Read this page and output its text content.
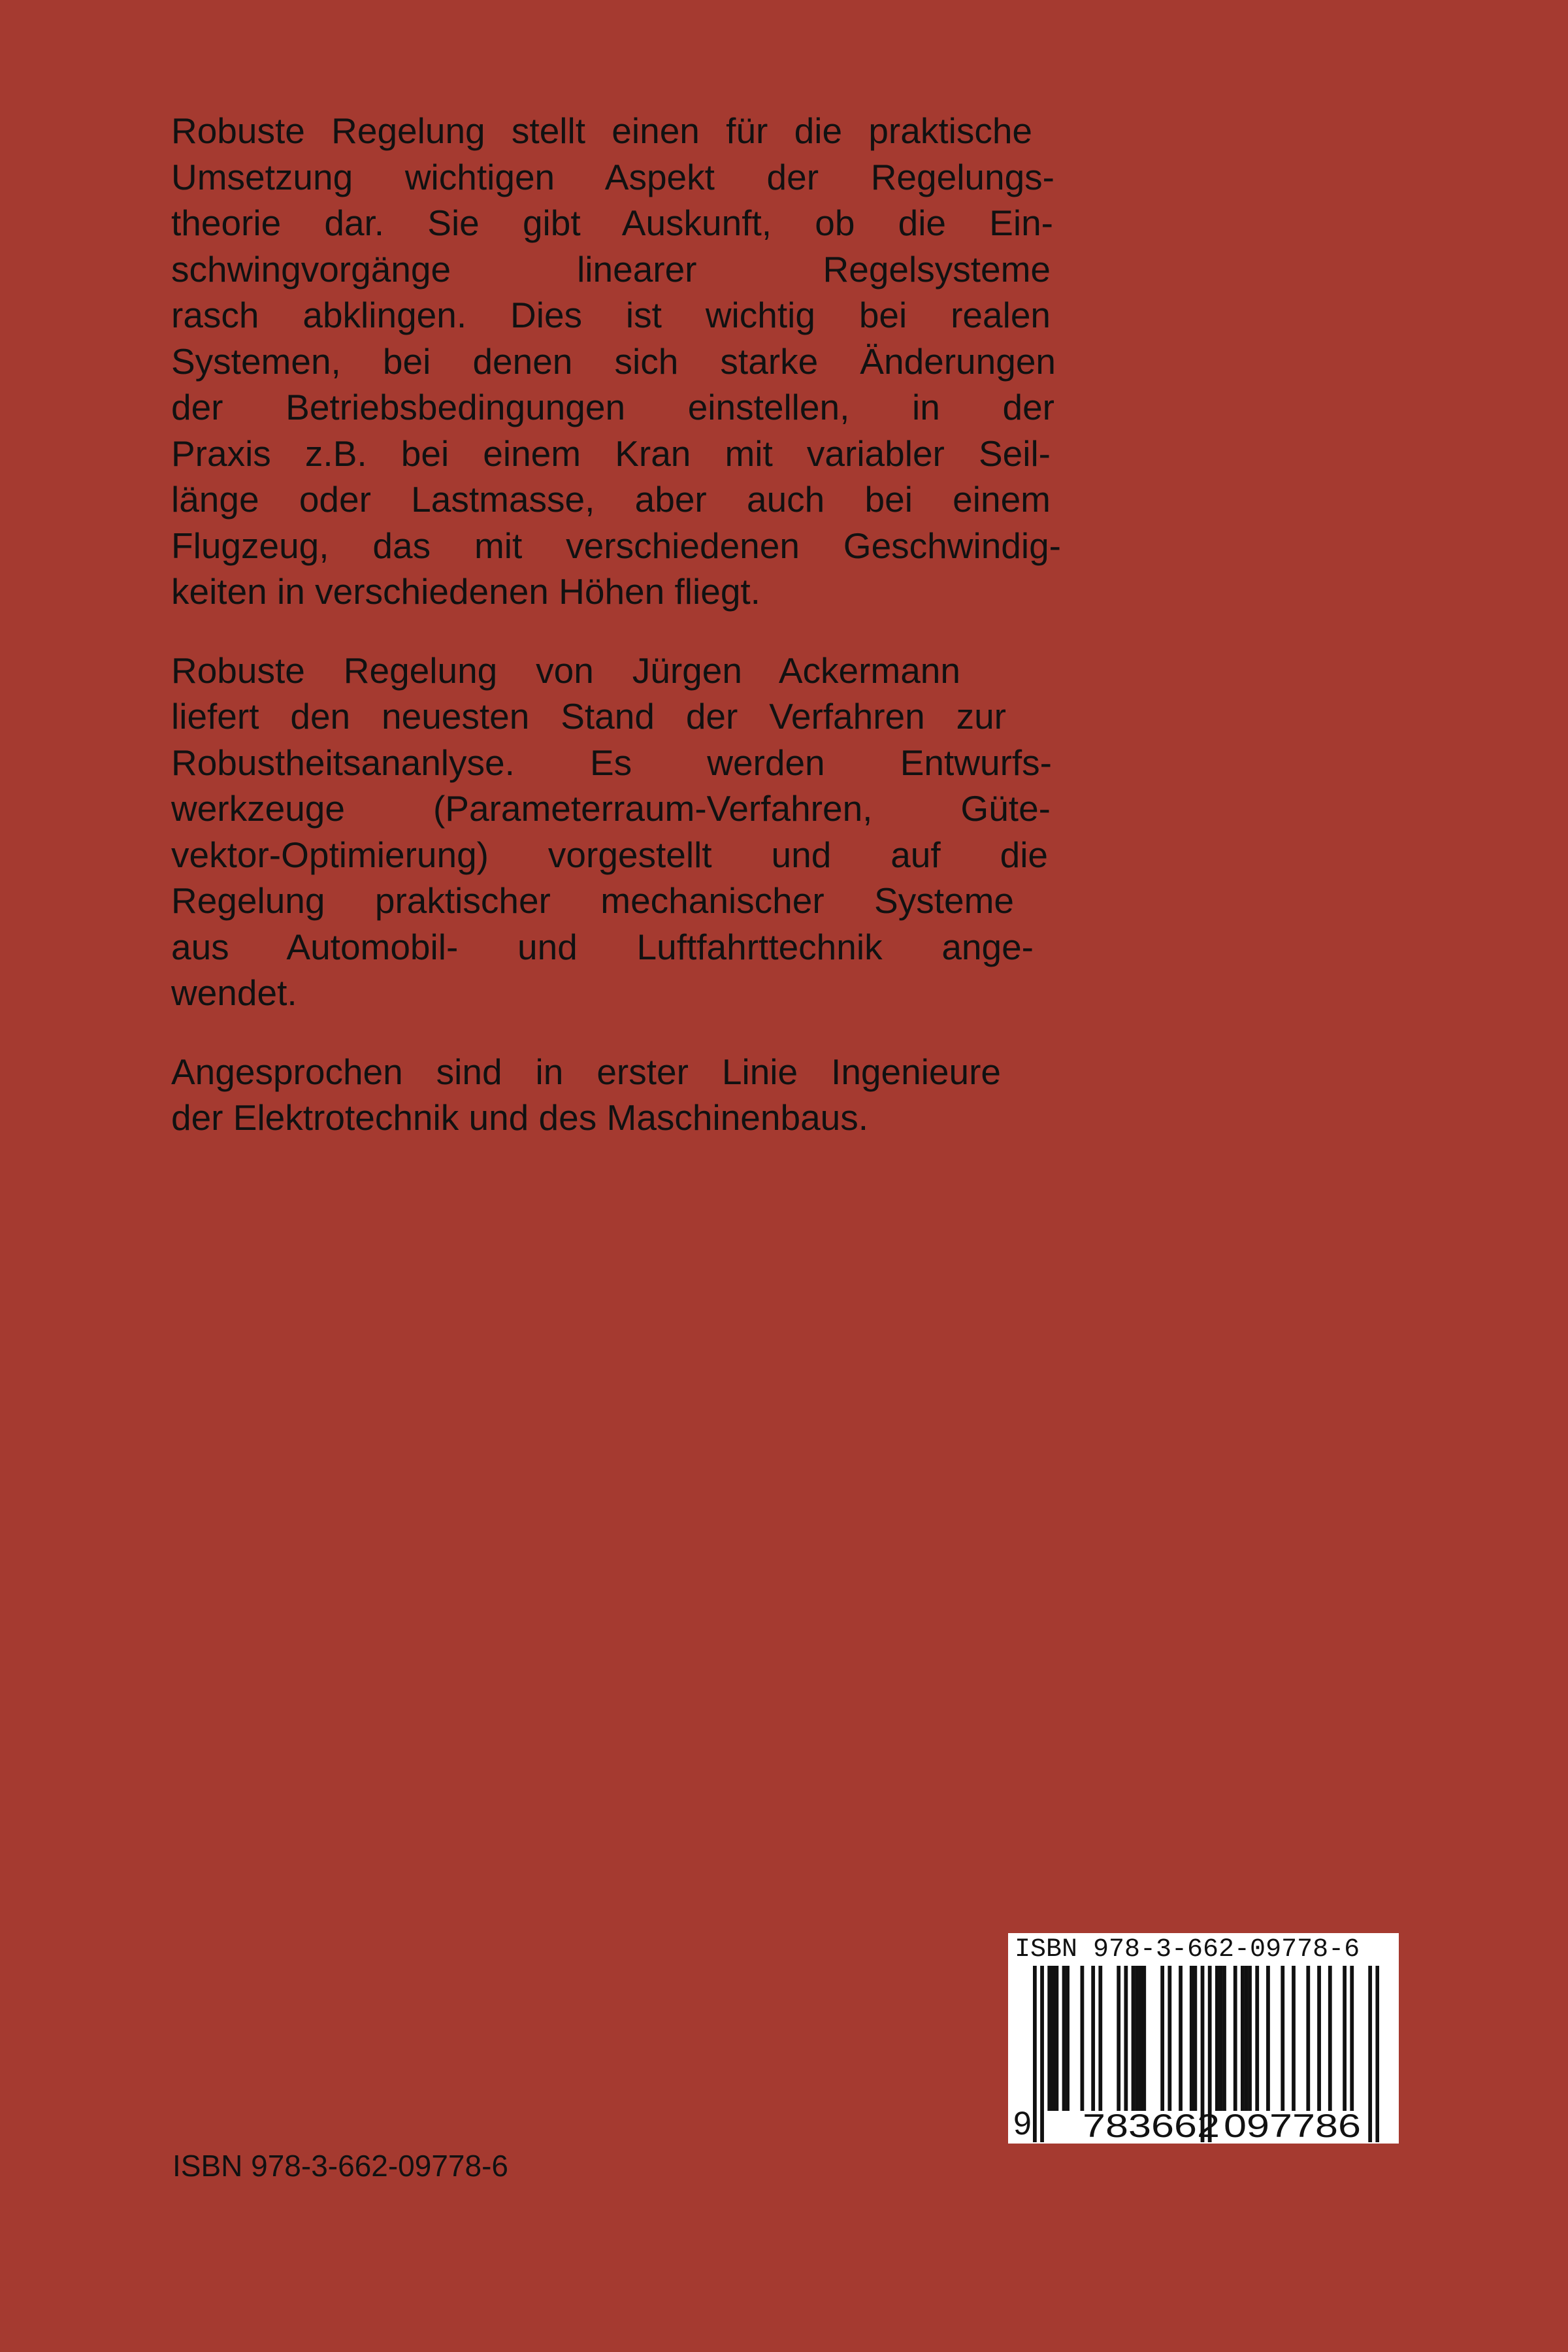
Robuste Regelung stellt einen für die praktische
Umsetzung wichtigen Aspekt der Regelungs-
theorie dar. Sie gibt Auskunft, ob die Ein-
schwingvorgänge linearer Regelsysteme
rasch abklingen. Dies ist wichtig bei realen
Systemen, bei denen sich starke Änderungen
der Betriebsbedingungen einstellen, in der
Praxis z.B. bei einem Kran mit variabler Seil-
länge oder Lastmasse, aber auch bei einem
Flugzeug, das mit verschiedenen Geschwindig-
keiten in verschiedenen Höhen fliegt.
Robuste Regelung von Jürgen Ackermann
liefert den neuesten Stand der Verfahren zur
Robustheitsananlyse. Es werden Entwurfs-
werkzeuge (Parameterraum-Verfahren, Güte-
vektor-Optimierung) vorgestellt und auf die
Regelung praktischer mechanischer Systeme
aus Automobil- und Luftfahrttechnik ange-
wendet.
Angesprochen sind in erster Linie Ingenieure
der Elektrotechnik und des Maschinenbaus.
ISBN 978-3-662-09778-6
783662 097786
9
ISBN 978-3-662-09778-6
